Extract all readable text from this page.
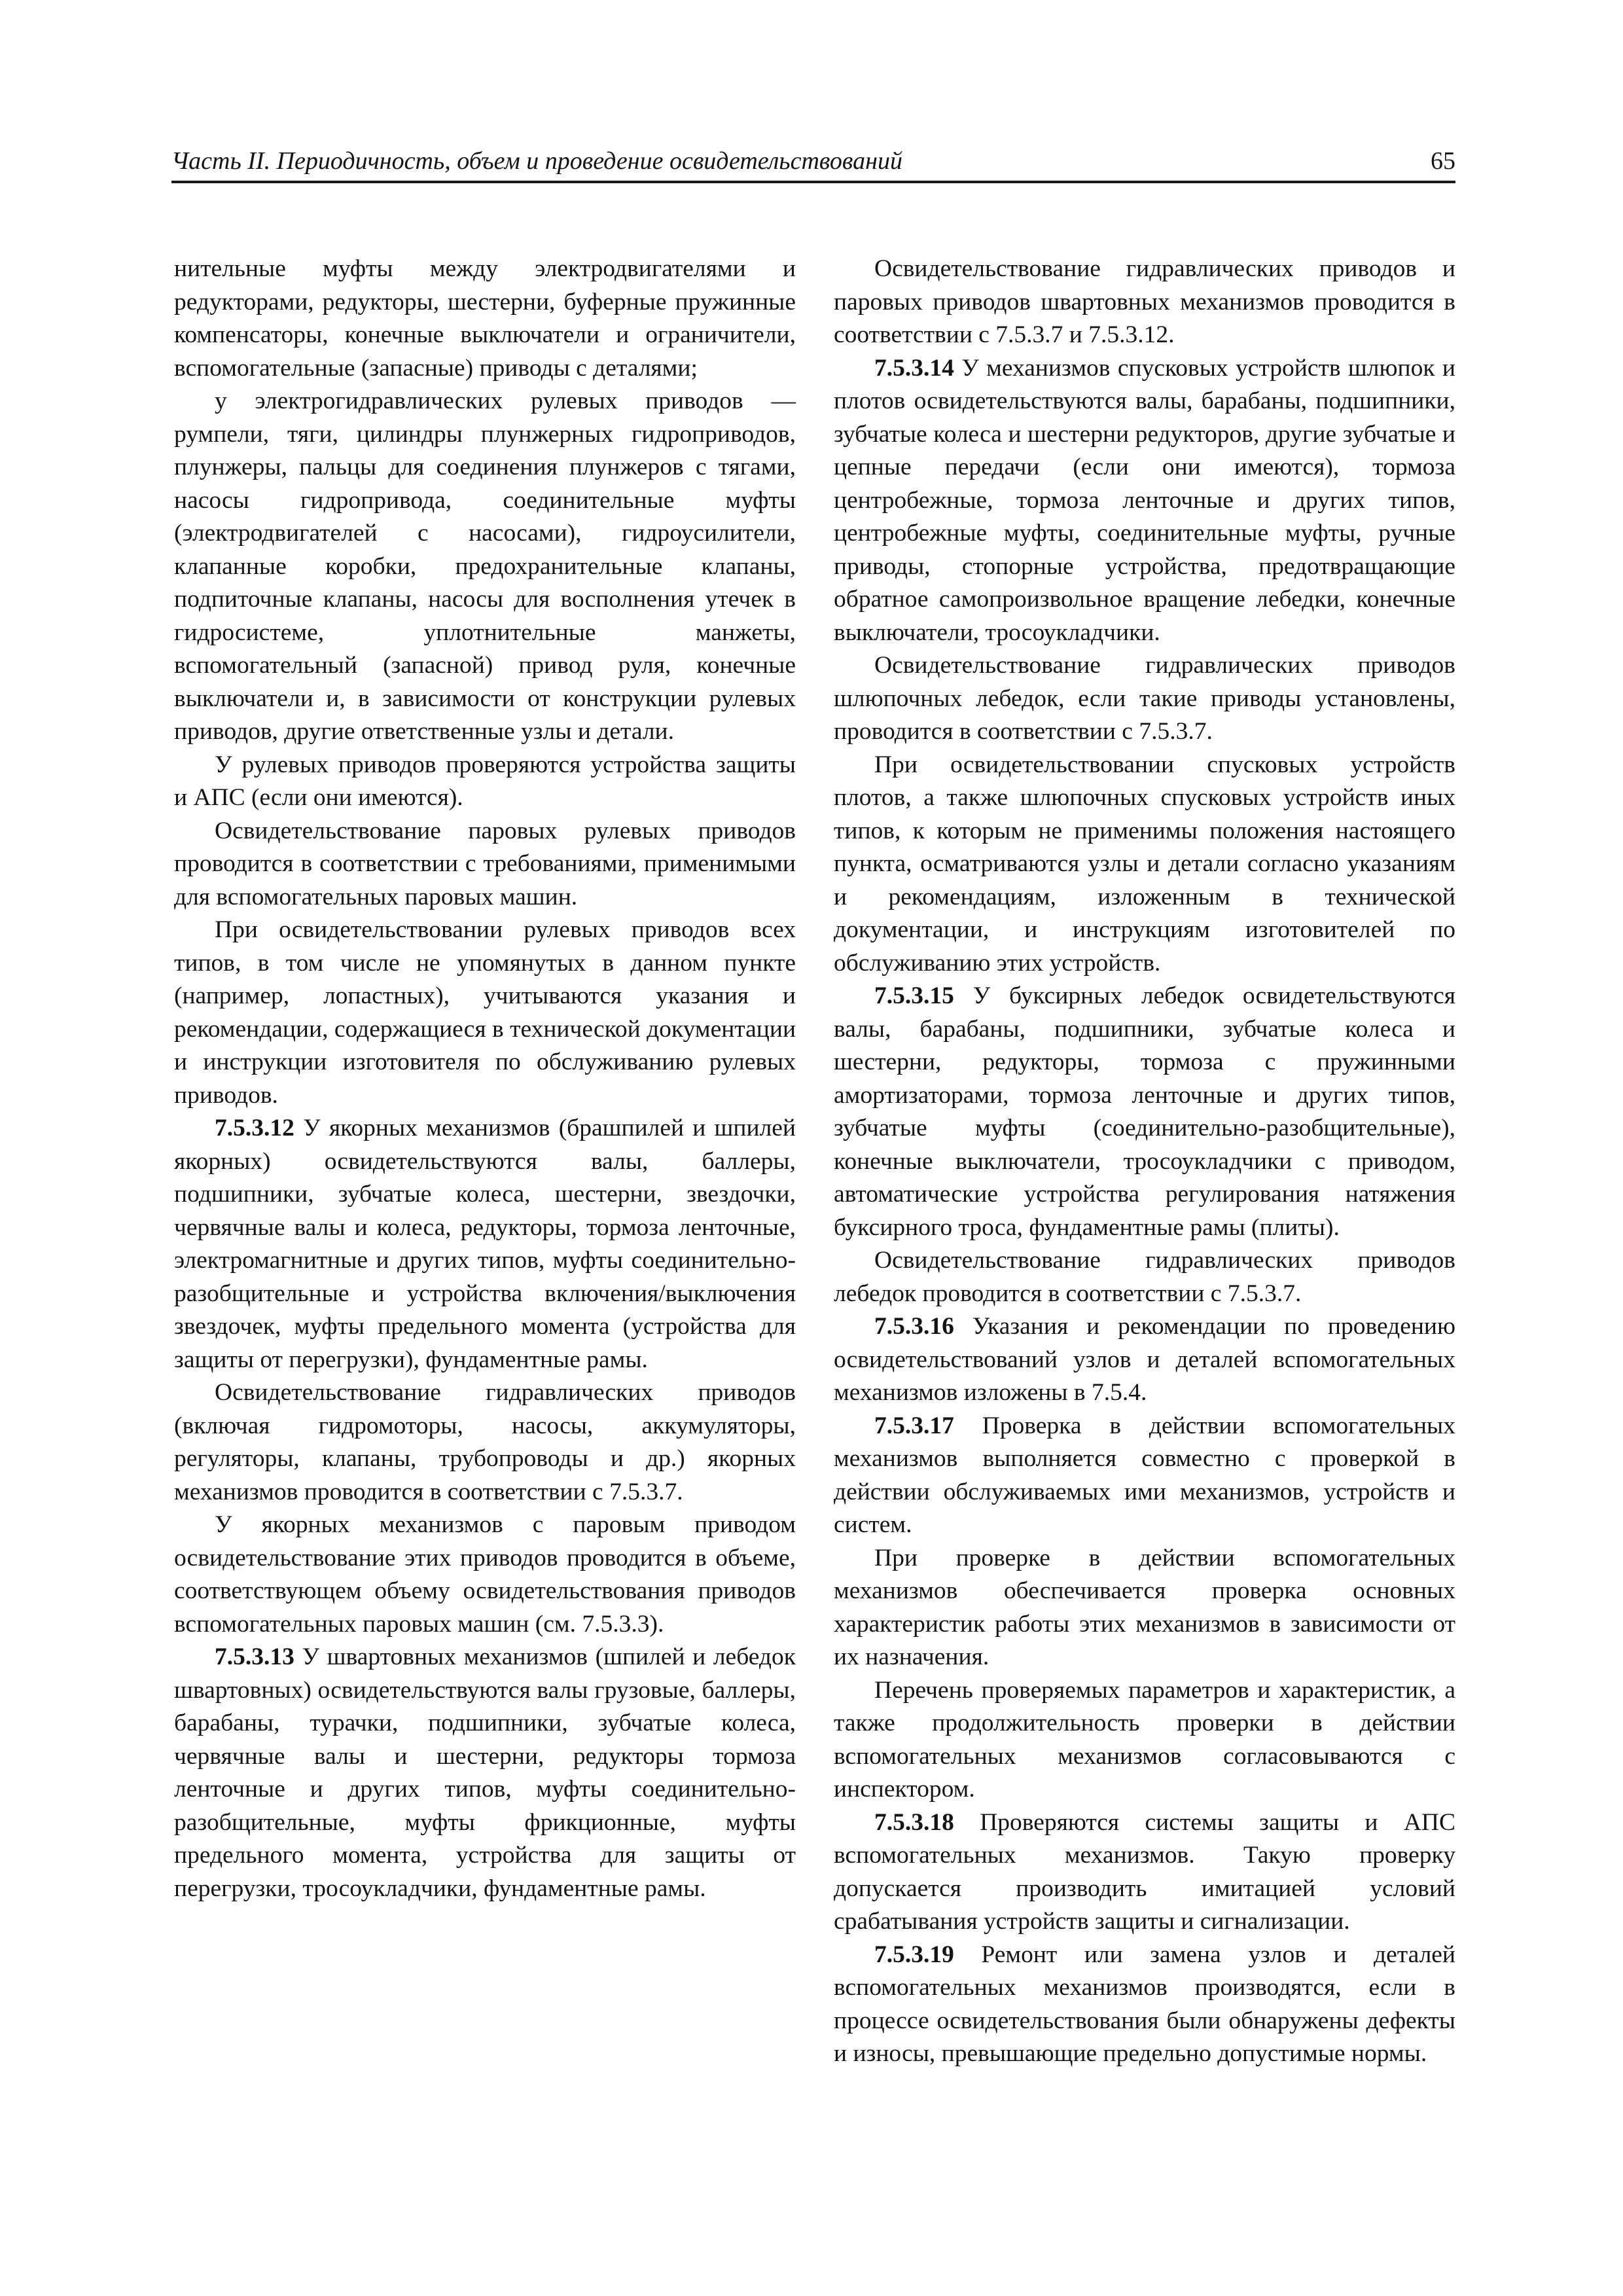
Часть II. Периодичность, объем и проведение освидетельствований	65

нительные муфты между электродвигателями и редукторами, редукторы, шестерни, буферные пружинные компенсаторы, конечные выключатели и ограничители, вспомогательные (запасные) приводы с деталями;

у электрогидравлических рулевых приводов — румпели, тяги, цилиндры плунжерных гидроприводов, плунжеры, пальцы для соединения плунжеров с тягами, насосы гидропривода, соединительные муфты (электродвигателей с насосами), гидроусилители, клапанные коробки, предохранительные клапаны, подпиточные клапаны, насосы для восполнения утечек в гидросистеме, уплотнительные манжеты, вспомогательный (запасной) привод руля, конечные выключатели и, в зависимости от конструкции рулевых приводов, другие ответственные узлы и детали.

У рулевых приводов проверяются устройства защиты и АПС (если они имеются).

Освидетельствование паровых рулевых приводов проводится в соответствии с требованиями, применимыми для вспомогательных паровых машин.

При освидетельствовании рулевых приводов всех типов, в том числе не упомянутых в данном пункте (например, лопастных), учитываются указания и рекомендации, содержащиеся в технической документации и инструкции изготовителя по обслуживанию рулевых приводов.

7.5.3.12 У якорных механизмов (брашпилей и шпилей якорных) освидетельствуются валы, баллеры, подшипники, зубчатые колеса, шестерни, звездочки, червячные валы и колеса, редукторы, тормоза ленточные, электромагнитные и других типов, муфты соединительно-разобщительные и устройства включения/выключения звездочек, муфты предельного момента (устройства для защиты от перегрузки), фундаментные рамы.

Освидетельствование гидравлических приводов (включая гидромоторы, насосы, аккумуляторы, регуляторы, клапаны, трубопроводы и др.) якорных механизмов проводится в соответствии с 7.5.3.7.

У якорных механизмов с паровым приводом освидетельствование этих приводов проводится в объеме, соответствующем объему освидетельствования приводов вспомогательных паровых машин (см. 7.5.3.3).

7.5.3.13 У швартовных механизмов (шпилей и лебедок швартовных) освидетельствуются валы грузовые, баллеры, барабаны, турачки, подшипники, зубчатые колеса, червячные валы и шестерни, редукторы тормоза ленточные и других типов, муфты соединительно-разобщительные, муфты фрикционные, муфты предельного момента, устройства для защиты от перегрузки, тросоукладчики, фундаментные рамы.

Освидетельствование гидравлических приводов и паровых приводов швартовных механизмов проводится в соответствии с 7.5.3.7 и 7.5.3.12.

7.5.3.14 У механизмов спусковых устройств шлюпок и плотов освидетельствуются валы, барабаны, подшипники, зубчатые колеса и шестерни редукторов, другие зубчатые и цепные передачи (если они имеются), тормоза центробежные, тормоза ленточные и других типов, центробежные муфты, соединительные муфты, ручные приводы, стопорные устройства, предотвращающие обратное самопроизвольное вращение лебедки, конечные выключатели, тросоукладчики.

Освидетельствование гидравлических приводов шлюпочных лебедок, если такие приводы установлены, проводится в соответствии с 7.5.3.7.

При освидетельствовании спусковых устройств плотов, а также шлюпочных спусковых устройств иных типов, к которым не применимы положения настоящего пункта, осматриваются узлы и детали согласно указаниям и рекомендациям, изложенным в технической документации, и инструкциям изготовителей по обслуживанию этих устройств.

7.5.3.15 У буксирных лебедок освидетельствуются валы, барабаны, подшипники, зубчатые колеса и шестерни, редукторы, тормоза с пружинными амортизаторами, тормоза ленточные и других типов, зубчатые муфты (соединительно-разобщительные), конечные выключатели, тросоукладчики с приводом, автоматические устройства регулирования натяжения буксирного троса, фундаментные рамы (плиты).

Освидетельствование гидравлических приводов лебедок проводится в соответствии с 7.5.3.7.

7.5.3.16 Указания и рекомендации по проведению освидетельствований узлов и деталей вспомогательных механизмов изложены в 7.5.4.

7.5.3.17 Проверка в действии вспомогательных механизмов выполняется совместно с проверкой в действии обслуживаемых ими механизмов, устройств и систем.

При проверке в действии вспомогательных механизмов обеспечивается проверка основных характеристик работы этих механизмов в зависимости от их назначения.

Перечень проверяемых параметров и характеристик, а также продолжительность проверки в действии вспомогательных механизмов согласовываются с инспектором.

7.5.3.18 Проверяются системы защиты и АПС вспомогательных механизмов. Такую проверку допускается производить имитацией условий срабатывания устройств защиты и сигнализации.

7.5.3.19 Ремонт или замена узлов и деталей вспомогательных механизмов производятся, если в процессе освидетельствования были обнаружены дефекты и износы, превышающие предельно допустимые нормы.
